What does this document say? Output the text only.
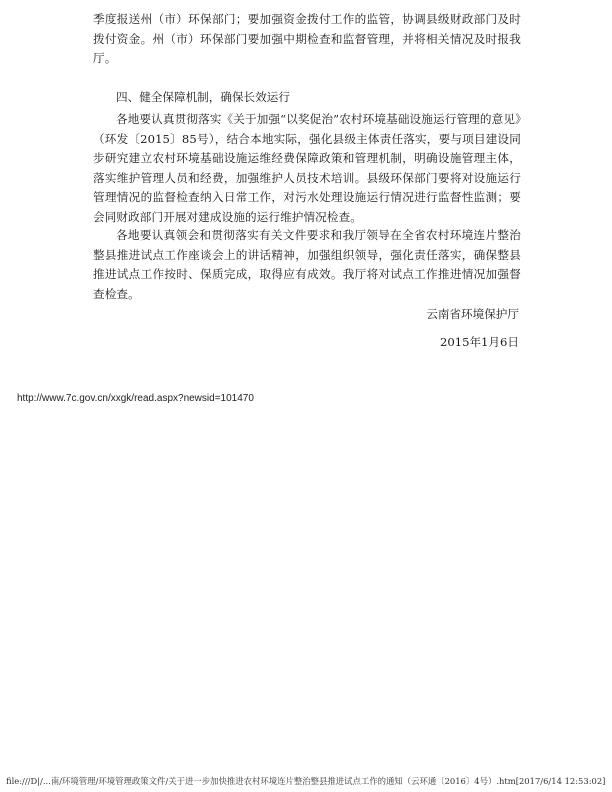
季度报送州（市）环保部门；要加强资金拨付工作的监管，协调县级财政部门及时拨付资金。州（市）环保部门要加强中期检查和监督管理，并将相关情况及时报我厅。

四、健全保障机制，确保长效运行

各地要认真贯彻落实《关于加强“以奖促治”农村环境基础设施运行管理的意见》（环发〔2015〕85号），结合本地实际，强化县级主体责任落实，要与项目建设同步研究建立农村环境基础设施运维经费保障政策和管理机制，明确设施管理主体，落实维护管理人员和经费，加强维护人员技术培训。县级环保部门要将对设施运行管理情况的监督检查纳入日常工作，对污水处理设施运行情况进行监督性监测；要会同财政部门开展对建成设施的运行维护情况检查。

各地要认真领会和贯彻落实有关文件要求和我厅领导在全省农村环境连片整治整县推进试点工作座谈会上的讲话精神，加强组织领导，强化责任落实，确保整县推进试点工作按时、保质完成，取得应有成效。我厅将对试点工作推进情况加强督查检查。

云南省环境保护厅

2015年1月6日

http://www.7c.gov.cn/xxgk/read.aspx?newsid=101470

file:///D|/...南/环境管理/环境管理政策文件/关于进一步加快推进农村环境连片整治整县推进试点工作的通知（云环通〔2016〕4号）.htm[2017/6/14 12:53:02]
